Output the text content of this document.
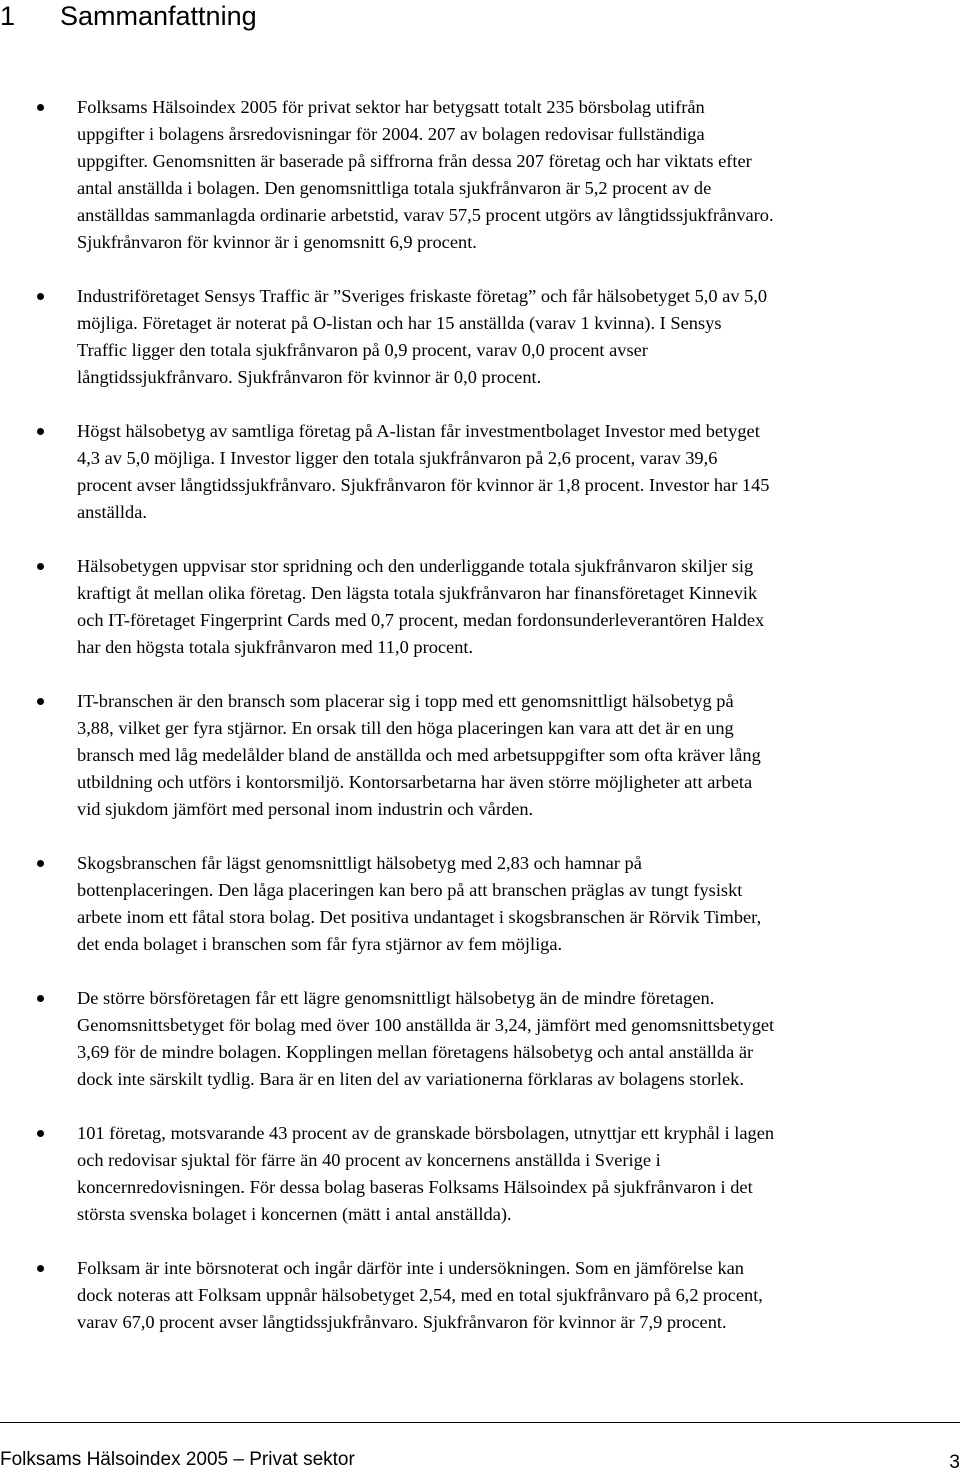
1 Sammanfattning
Folksams Hälsoindex 2005 för privat sektor har betygsatt totalt 235 börsbolag utifrån
uppgifter i bolagens årsredovisningar för 2004. 207 av bolagen redovisar fullständiga
uppgifter. Genomsnitten är baserade på siffrorna från dessa 207 företag och har viktats efter
antal anställda i bolagen. Den genomsnittliga totala sjukfrånvaron är 5,2 procent av de
anställdas sammanlagda ordinarie arbetstid, varav 57,5 procent utgörs av långtidssjukfrånvaro.
Sjukfrånvaron för kvinnor är i genomsnitt 6,9 procent.
Industriföretaget Sensys Traffic är ”Sveriges friskaste företag” och får hälsobetyget 5,0 av 5,0
möjliga. Företaget är noterat på O-listan och har 15 anställda (varav 1 kvinna). I Sensys
Traffic ligger den totala sjukfrånvaron på 0,9 procent, varav 0,0 procent avser
långtidssjukfrånvaro. Sjukfrånvaron för kvinnor är 0,0 procent.
Högst hälsobetyg av samtliga företag på A-listan får investmentbolaget Investor med betyget
4,3 av 5,0 möjliga. I Investor ligger den totala sjukfrånvaron på 2,6 procent, varav 39,6
procent avser långtidssjukfrånvaro. Sjukfrånvaron för kvinnor är 1,8 procent. Investor har 145
anställda.
Hälsobetygen uppvisar stor spridning och den underliggande totala sjukfrånvaron skiljer sig
kraftigt åt mellan olika företag. Den lägsta totala sjukfrånvaron har finansföretaget Kinnevik
och IT-företaget Fingerprint Cards med 0,7 procent, medan fordonsunderleverantören Haldex
har den högsta totala sjukfrånvaron med 11,0 procent.
IT-branschen är den bransch som placerar sig i topp med ett genomsnittligt hälsobetyg på
3,88, vilket ger fyra stjärnor. En orsak till den höga placeringen kan vara att det är en ung
bransch med låg medelålder bland de anställda och med arbetsuppgifter som ofta kräver lång
utbildning och utförs i kontorsmiljö. Kontorsarbetarna har även större möjligheter att arbeta
vid sjukdom jämfört med personal inom industrin och vården.
Skogsbranschen får lägst genomsnittligt hälsobetyg med 2,83 och hamnar på
bottenplaceringen. Den låga placeringen kan bero på att branschen präglas av tungt fysiskt
arbete inom ett fåtal stora bolag. Det positiva undantaget i skogsbranschen är Rörvik Timber,
det enda bolaget i branschen som får fyra stjärnor av fem möjliga.
De större börsföretagen får ett lägre genomsnittligt hälsobetyg än de mindre företagen.
Genomsnittsbetyget för bolag med över 100 anställda är 3,24, jämfört med genomsnittsbetyget
3,69 för de mindre bolagen. Kopplingen mellan företagens hälsobetyg och antal anställda är
dock inte särskilt tydlig. Bara är en liten del av variationerna förklaras av bolagens storlek.
101 företag, motsvarande 43 procent av de granskade börsbolagen, utnyttjar ett kryphål i lagen
och redovisar sjuktal för färre än 40 procent av koncernens anställda i Sverige i
koncernredovisningen. För dessa bolag baseras Folksams Hälsoindex på sjukfrånvaron i det
största svenska bolaget i koncernen (mätt i antal anställda).
Folksam är inte börsnoterat och ingår därför inte i undersökningen. Som en jämförelse kan
dock noteras att Folksam uppnår hälsobetyget 2,54, med en total sjukfrånvaro på 6,2 procent,
varav 67,0 procent avser långtidssjukfrånvaro. Sjukfrånvaron för kvinnor är 7,9 procent.
Folksams Hälsoindex 2005 – Privat sektor	3
